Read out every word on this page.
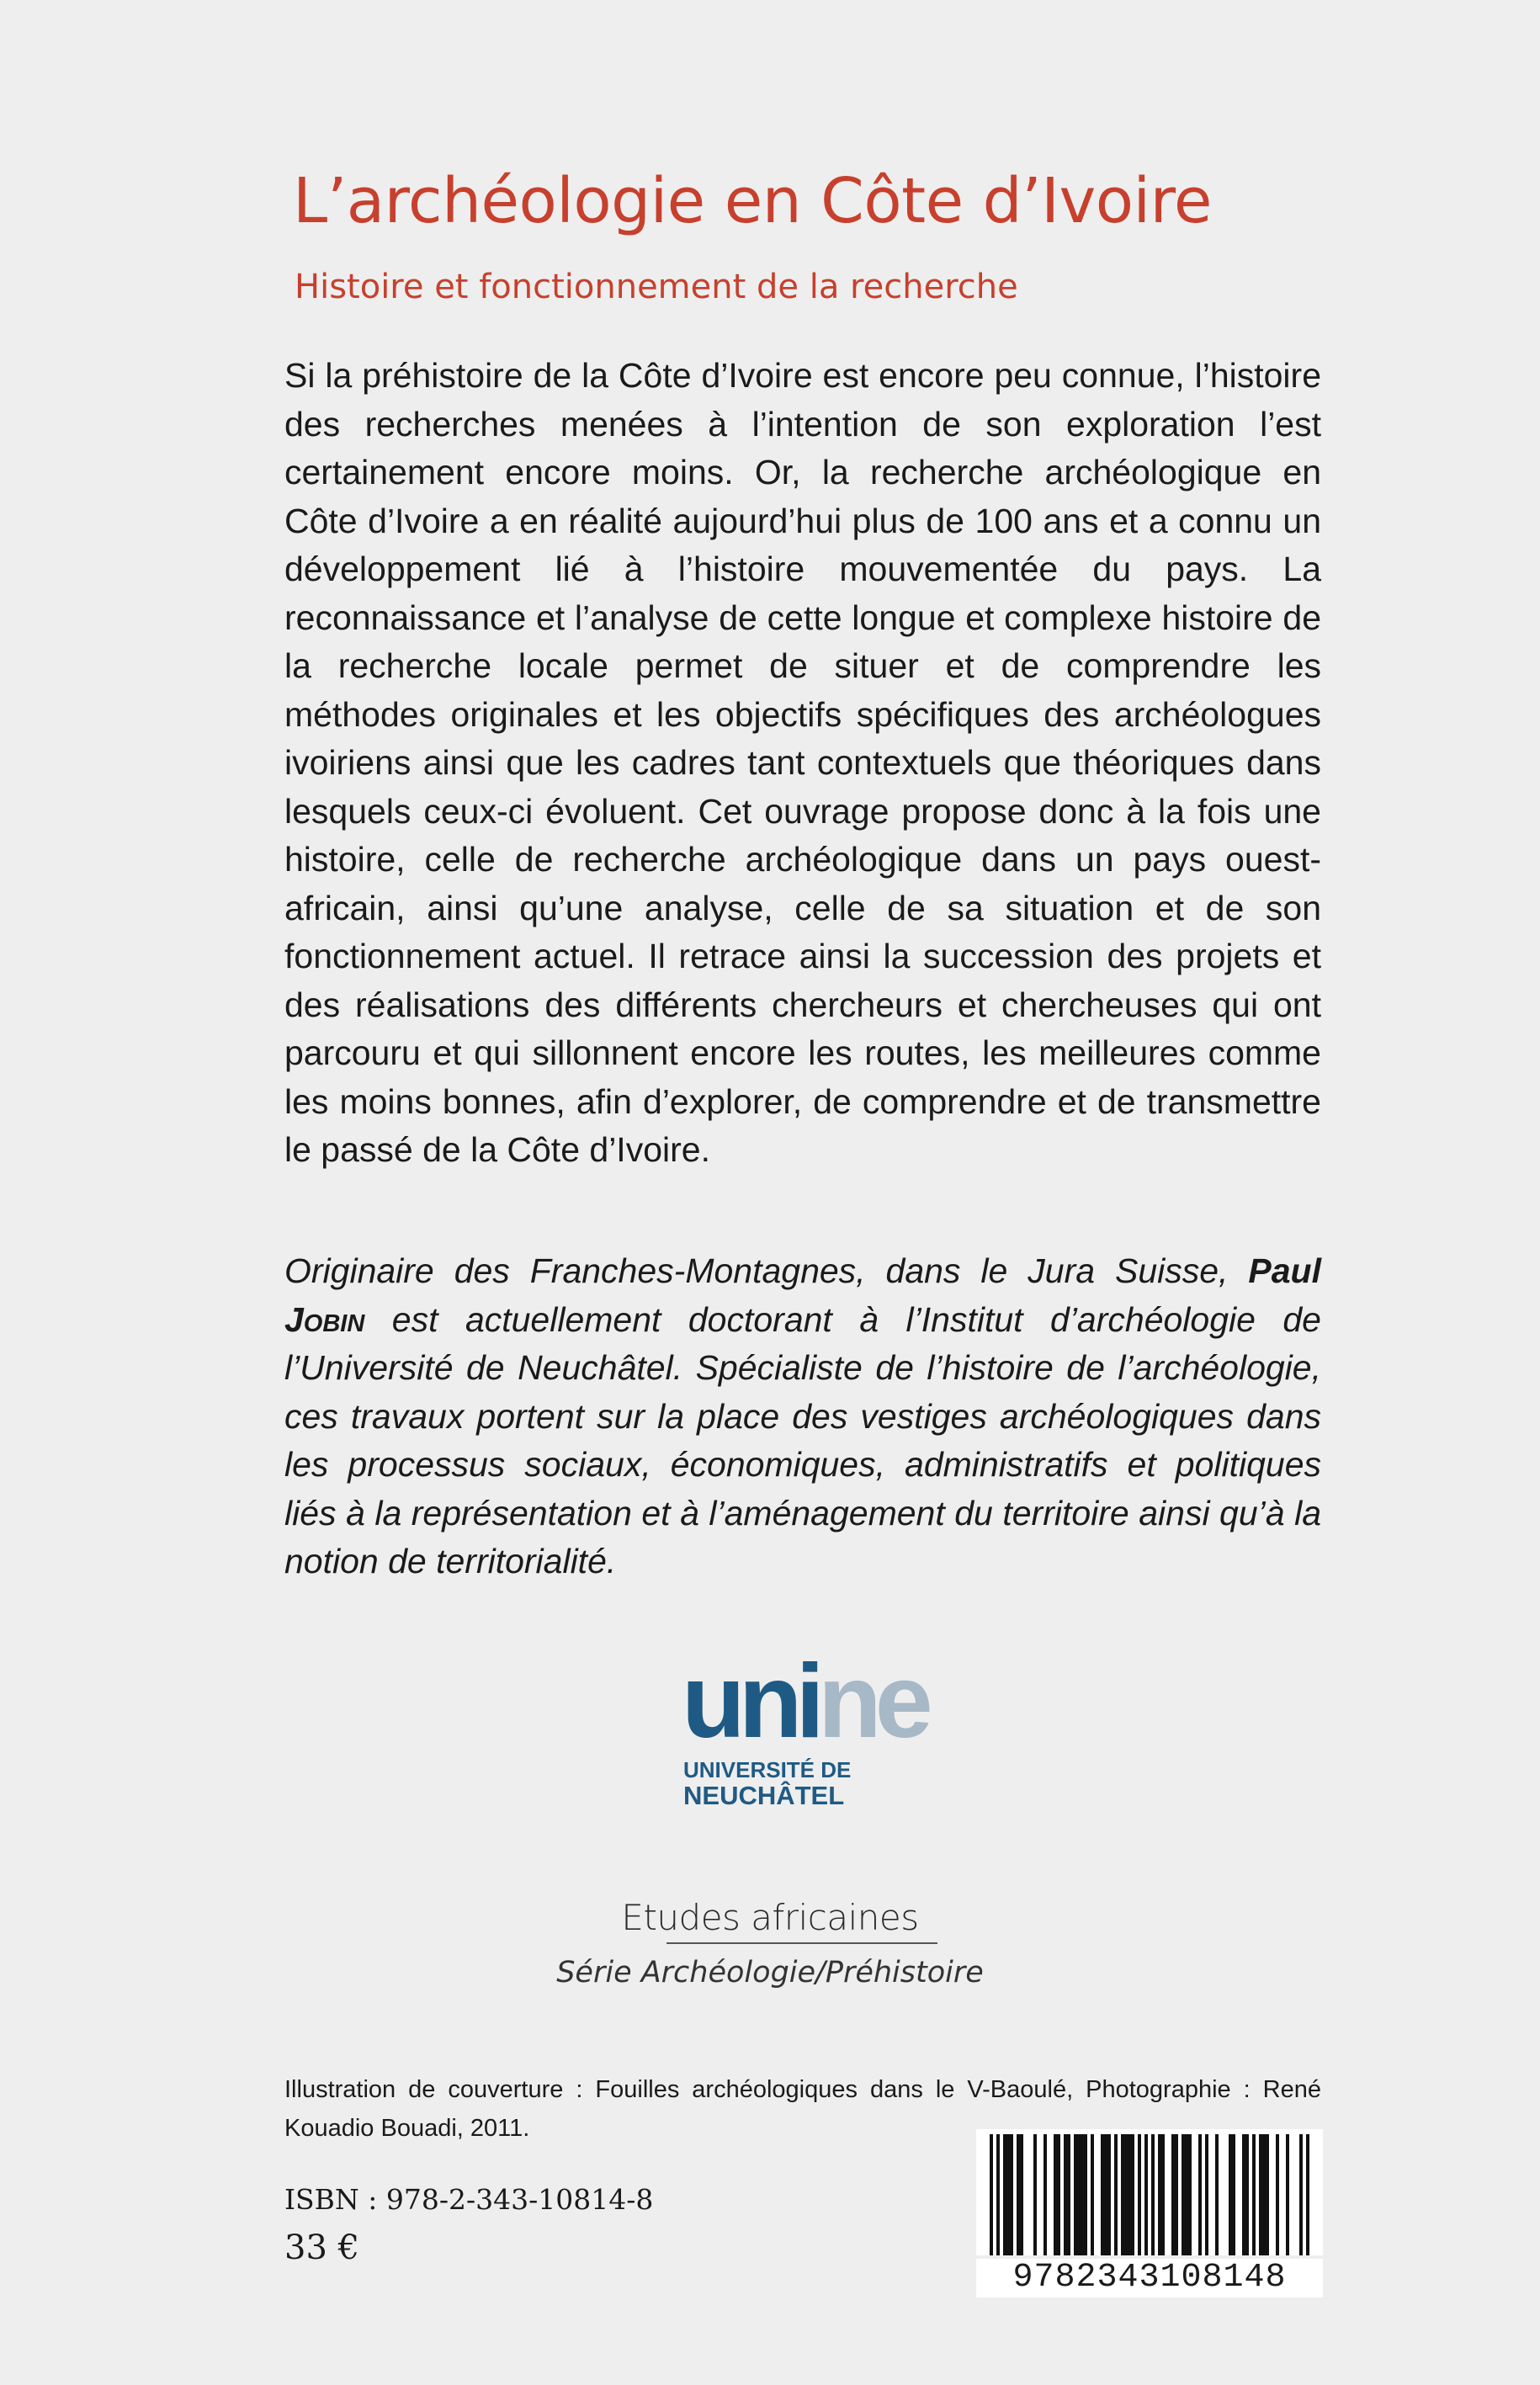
L’archéologie en Côte d’Ivoire
Histoire et fonctionnement de la recherche

Si la préhistoire de la Côte d’Ivoire est encore peu connue, l’histoire des recherches menées à l’intention de son exploration l’est certainement encore moins. Or, la recherche archéologique en Côte d’Ivoire a en réalité aujourd’hui plus de 100 ans et a connu un développement lié à l’histoire mouvementée du pays. La reconnaissance et l’analyse de cette longue et complexe histoire de la recherche locale permet de situer et de comprendre les méthodes originales et les objectifs spécifiques des archéologues ivoiriens ainsi que les cadres tant contextuels que théoriques dans lesquels ceux-ci évoluent. Cet ouvrage propose donc à la fois une histoire, celle de recherche archéologique dans un pays ouest-africain, ainsi qu’une analyse, celle de sa situation et de son fonctionnement actuel. Il retrace ainsi la succession des projets et des réalisations des différents chercheurs et chercheuses qui ont parcouru et qui sillonnent encore les routes, les meilleures comme les moins bonnes, afin d’explorer, de comprendre et de transmettre le passé de la Côte d’Ivoire.

Originaire des Franches-Montagnes, dans le Jura Suisse, Paul Jobin est actuellement doctorant à l’Institut d’archéologie de l’Université de Neuchâtel. Spécialiste de l’histoire de l’archéologie, ces travaux portent sur la place des vestiges archéologiques dans les processus sociaux, économiques, administratifs et politiques liés à la représentation et à l’aménagement du territoire ainsi qu’à la notion de territorialité.

unine
UNIVERSITÉ DE
NEUCHÂTEL
Etudes africaines
Série Archéologie/Préhistoire

Illustration de couverture : Fouilles archéologiques dans le V-Baoulé, Photographie : René Kouadio Bouadi, 2011.

ISBN : 978-2-343-10814-8
33 €
9782343108148
